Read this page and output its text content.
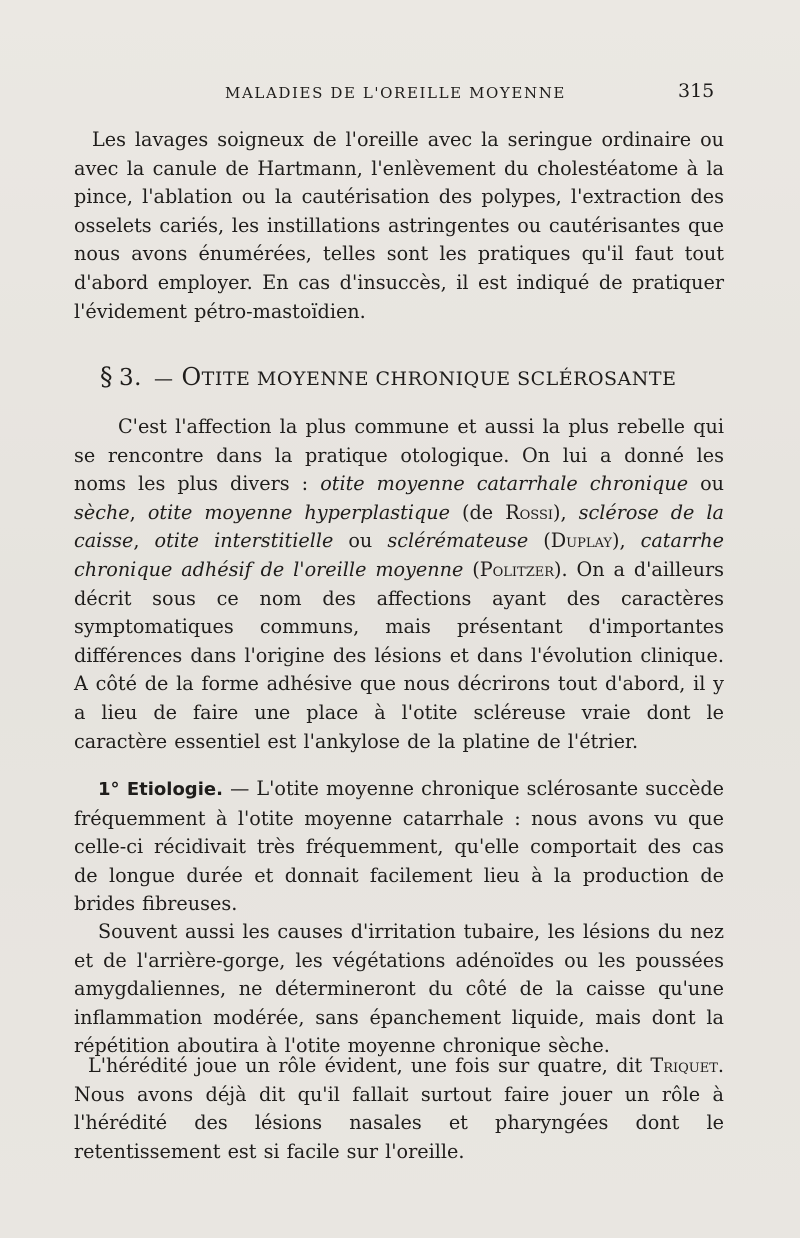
MALADIES DE L'OREILLE MOYENNE	315
Les lavages soigneux de l'oreille avec la seringue ordinaire ou avec la canule de Hartmann, l'enlèvement du cholestéatome à la pince, l'ablation ou la cautérisation des polypes, l'extraction des osselets cariés, les instillations astringentes ou cautérisantes que nous avons énumérées, telles sont les pratiques qu'il faut tout d'abord employer. En cas d'insuccès, il est indiqué de pratiquer l'évidement pétro-mastoïdien.
§ 3. — OTITE MOYENNE CHRONIQUE SCLÉROSANTE
C'est l'affection la plus commune et aussi la plus rebelle qui se rencontre dans la pratique otologique. On lui a donné les noms les plus divers : otite moyenne catarrhale chronique ou sèche, otite moyenne hyperplastique (de Rossi), sclérose de la caisse, otite interstitielle ou sclérémateuse (Duplay), catarrhe chronique adhésif de l'oreille moyenne (Politzer). On a d'ailleurs décrit sous ce nom des affections ayant des caractères symptomatiques communs, mais présentant d'importantes différences dans l'origine des lésions et dans l'évolution clinique. A côté de la forme adhésive que nous décrirons tout d'abord, il y a lieu de faire une place à l'otite scléreuse vraie dont le caractère essentiel est l'ankylose de la platine de l'étrier.
1° Etiologie. — L'otite moyenne chronique sclérosante succède fréquemment à l'otite moyenne catarrhale : nous avons vu que celle-ci récidivait très fréquemment, qu'elle comportait des cas de longue durée et donnait facilement lieu à la production de brides fibreuses.
Souvent aussi les causes d'irritation tubaire, les lésions du nez et de l'arrière-gorge, les végétations adénoïdes ou les poussées amygdaliennes, ne détermineront du côté de la caisse qu'une inflammation modérée, sans épanchement liquide, mais dont la répétition aboutira à l'otite moyenne chronique sèche.
L'hérédité joue un rôle évident, une fois sur quatre, dit Triquet. Nous avons déjà dit qu'il fallait surtout faire jouer un rôle à l'hérédité des lésions nasales et pharyngées dont le retentissement est si facile sur l'oreille.
